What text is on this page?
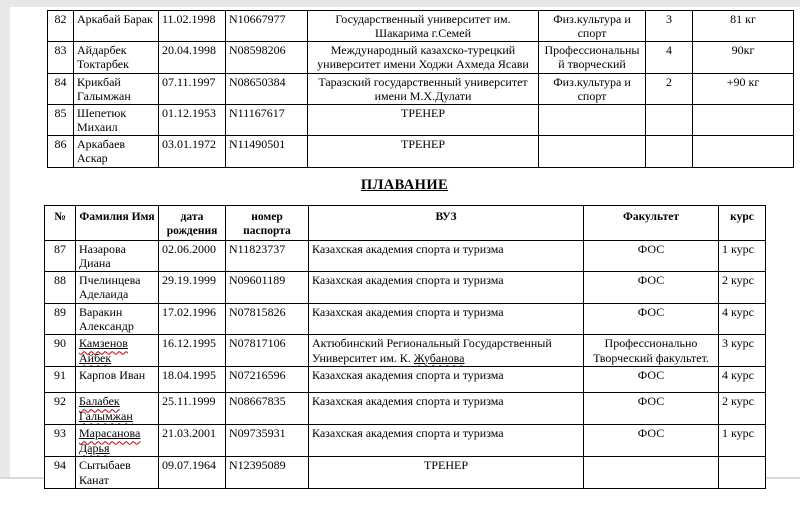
82	Аркабай Барак	11.02.1998	N10667977	Государственный университет им. Шакарима г.Семей	Физ.культура и спорт	3	81 кг
83	Айдарбек Токтарбек	20.04.1998	N08598206	Международный казахско-турецкий университет имени Ходжи Ахмеда Ясави	Профессиональный творческий	4	90кг
84	Крикбай Галымжан	07.11.1997	N08650384	Таразский государственный университет имени М.Х.Дулати	Физ.культура и спорт	2	+90 кг
85	Шепетюк Михаил	01.12.1953	N11167617	ТРЕНЕР			
86	Аркабаев Аскар	03.01.1972	N11490501	ТРЕНЕР			
ПЛАВАНИЕ
№	Фамилия Имя	дата рождения	номер паспорта	ВУЗ	Факультет	курс
87	Назарова Диана	02.06.2000	N11823737	Казахская академия спорта и туризма	ФОС	1 курс
88	Пчелинцева Аделаида	29.19.1999	N09601189	Казахская академия спорта и туризма	ФОС	2 курс
89	Варакин Александр	17.02.1996	N07815826	Казахская академия спорта и туризма	ФОС	4 курс
90	Камзенов Айбек	16.12.1995	N07817106	Актюбинский Региональный Государственный Университет им. К. Жубанова	Профессионально Творческий факультет.	3 курс
91	Карпов Иван	18.04.1995	N07216596	Казахская академия спорта и туризма	ФОС	4 курс
92	Балабек Галымжан	25.11.1999	N08667835	Казахская академия спорта и туризма	ФОС	2 курс
93	Марасанова Дарья	21.03.2001	N09735931	Казахская академия спорта и туризма	ФОС	1 курс
94	Сытыбаев Канат	09.07.1964	N12395089	ТРЕНЕР		
